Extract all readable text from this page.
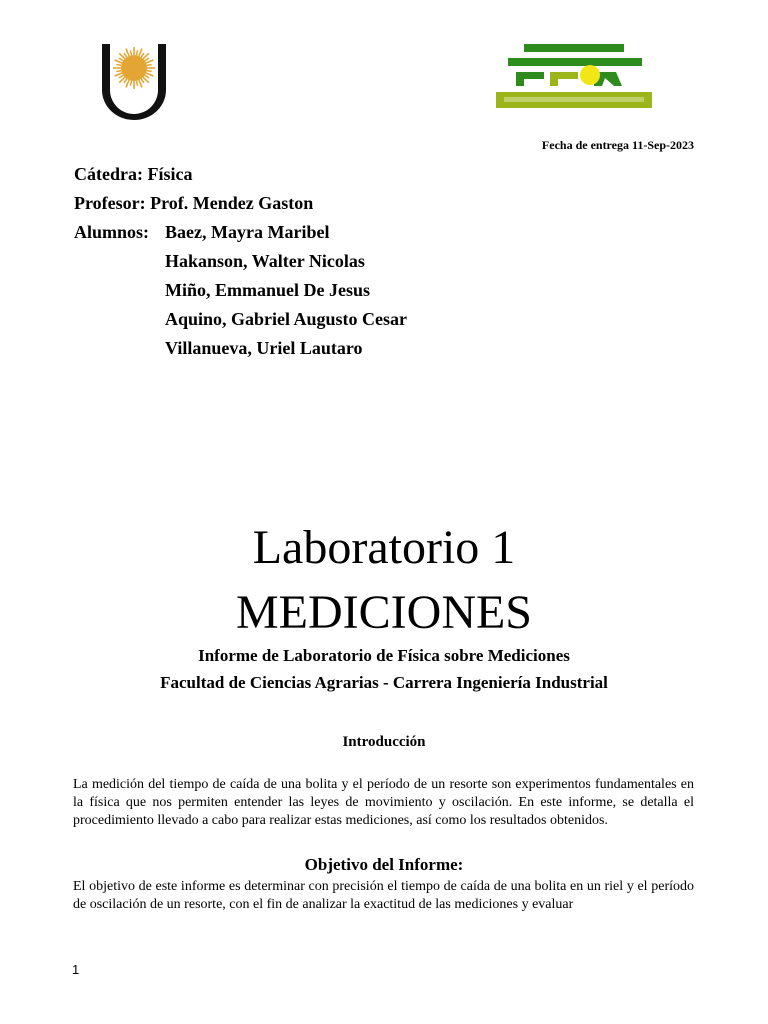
Fecha de entrega 11-Sep-2023
Cátedra: Física
Profesor: Prof. Mendez Gaston
Alumnos: Baez, Mayra Maribel
Hakanson, Walter Nicolas
Miño, Emmanuel De Jesus
Aquino, Gabriel Augusto Cesar
Villanueva, Uriel Lautaro
Laboratorio 1
MEDICIONES
Informe de Laboratorio de Física sobre Mediciones
Facultad de Ciencias Agrarias - Carrera Ingeniería Industrial
Introducción
La medición del tiempo de caída de una bolita y el período de un resorte son experimentos fundamentales en la física que nos permiten entender las leyes de movimiento y oscilación. En este informe, se detalla el procedimiento llevado a cabo para realizar estas mediciones, así como los resultados obtenidos.
Objetivo del Informe:
El objetivo de este informe es determinar con precisión el tiempo de caída de una bolita en un riel y el período de oscilación de un resorte, con el fin de analizar la exactitud de las mediciones y evaluar
1
